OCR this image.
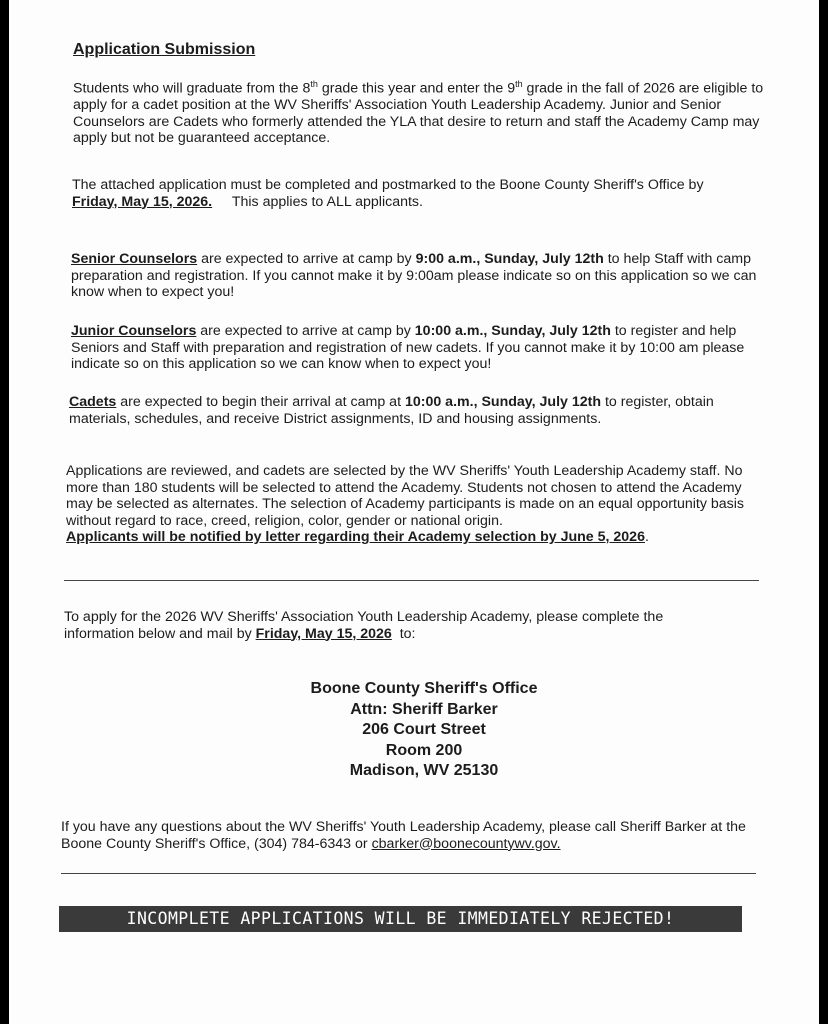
Application Submission

Students who will graduate from the 8th grade this year and enter the 9th grade in the fall of 2026 are eligible to apply for a cadet position at the WV Sheriffs' Association Youth Leadership Academy. Junior and Senior Counselors are Cadets who formerly attended the YLA that desire to return and staff the Academy Camp may apply but not be guaranteed acceptance.

The attached application must be completed and postmarked to the Boone County Sheriff's Office by
Friday, May 15, 2026. This applies to ALL applicants.

Senior Counselors are expected to arrive at camp by 9:00 a.m., Sunday, July 12th to help Staff with camp preparation and registration. If you cannot make it by 9:00am please indicate so on this application so we can know when to expect you!

Junior Counselors are expected to arrive at camp by 10:00 a.m., Sunday, July 12th to register and help Seniors and Staff with preparation and registration of new cadets. If you cannot make it by 10:00 am please indicate so on this application so we can know when to expect you!

Cadets are expected to begin their arrival at camp at 10:00 a.m., Sunday, July 12th to register, obtain materials, schedules, and receive District assignments, ID and housing assignments.

Applications are reviewed, and cadets are selected by the WV Sheriffs' Youth Leadership Academy staff. No more than 180 students will be selected to attend the Academy. Students not chosen to attend the Academy may be selected as alternates. The selection of Academy participants is made on an equal opportunity basis without regard to race, creed, religion, color, gender or national origin.
Applicants will be notified by letter regarding their Academy selection by June 5, 2026.

To apply for the 2026 WV Sheriffs' Association Youth Leadership Academy, please complete the information below and mail by Friday, May 15, 2026 to:

Boone County Sheriff's Office
Attn: Sheriff Barker
206 Court Street
Room 200
Madison, WV 25130

If you have any questions about the WV Sheriffs' Youth Leadership Academy, please call Sheriff Barker at the Boone County Sheriff's Office, (304) 784-6343 or cbarker@boonecountywv.gov.

INCOMPLETE APPLICATIONS WILL BE IMMEDIATELY REJECTED!
